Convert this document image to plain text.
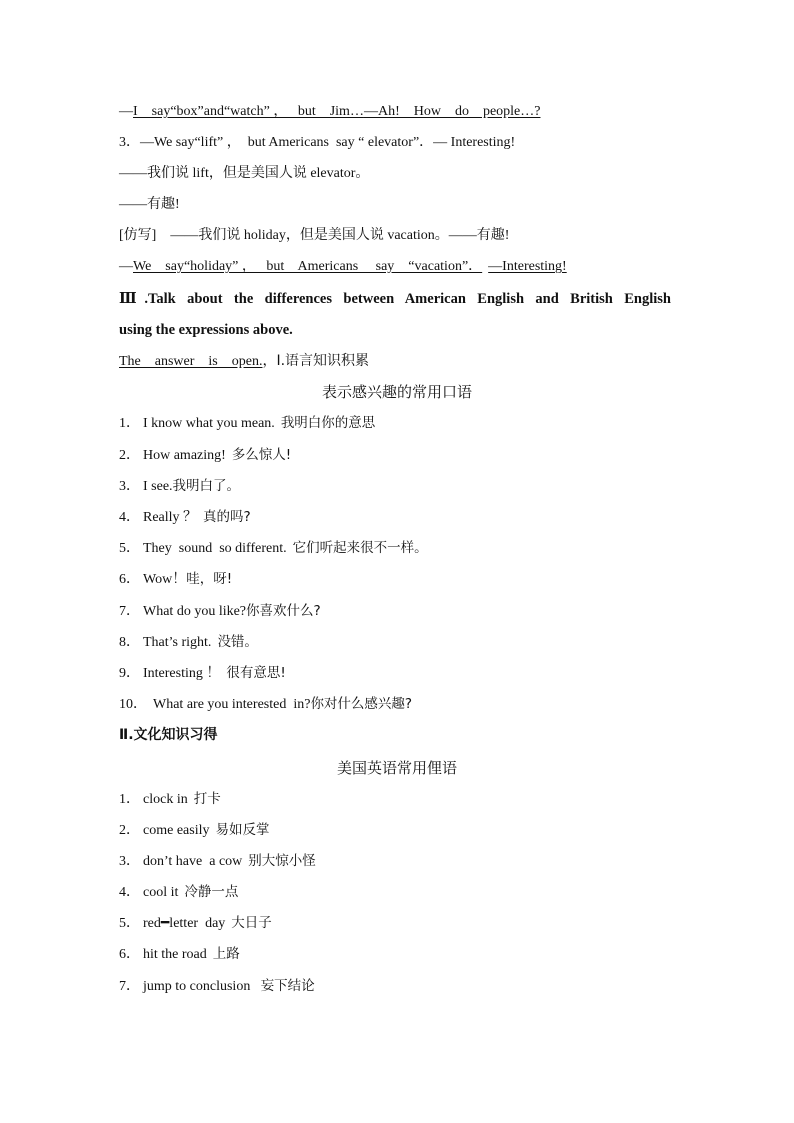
—I    say“box”and“watch” ，   but    Jim…—Ah!    How    do    people…?
3．—We say“lift” ，  but Americans  say “ elevator”．— Interesting!
——我们说 lift，但是美国人说 elevator。
——有趣!
[仿写] ——我们说 holiday，但是美国人说 vacation。——有趣!
—We    say“holiday” ，   but    Americans     say    “vacation”． —Interesting!
Ⅲ.Talk about the differences between American English and British English
using the expressions above.
The    answer    is    open.，Ⅰ.语言知识积累
表示感兴趣的常用口语
1． I know what you mean. 我明白你的意思
2． How amazing! 多么惊人!
3． I see.我明白了。
4． Really ？ 真的吗?
5． They  sound  so different. 它们听起来很不一样。
6． Wow！哇，呀!
7． What do you like?你喜欢什么?
8． That’s right. 没错。
9． Interesting ！ 很有意思!
10． What are you interested  in?你对什么感兴趣?
Ⅱ.文化知识习得
美国英语常用俚语
1． clock in 打卡
2． come easily 易如反掌
3． don’t have  a cow 别大惊小怪
4． cool it 冷静一点
5． red━letter  day 大日子
6． hit the road 上路
7． jump to conclusion 妄下结论
